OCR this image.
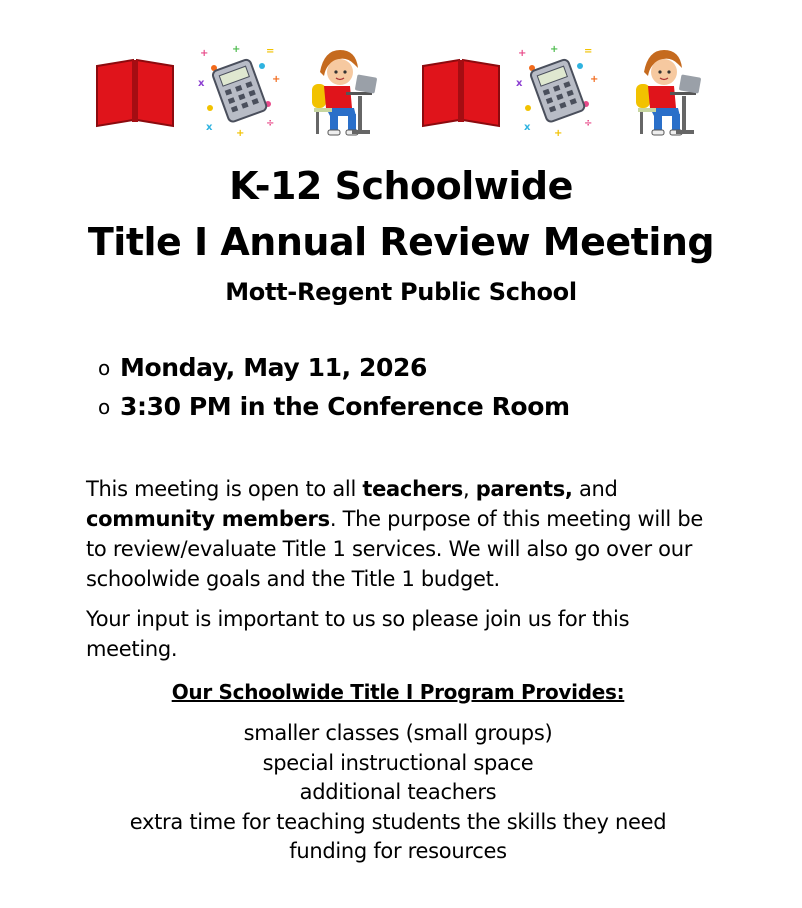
+	=
x	+
x	÷
+
+
+	=
x	+
x	÷
+
+
K-12 Schoolwide
Title I Annual Review Meeting
Mott-Regent Public School
o Monday, May 11, 2026
o 3:30 PM in the Conference Room
This meeting is open to all teachers, parents, and community members. The purpose of this meeting will be to review/evaluate Title 1 services. We will also go over our schoolwide goals and the Title 1 budget.
Your input is important to us so please join us for this meeting.
Our Schoolwide Title I Program Provides:
smaller classes (small groups)
special instructional space
additional teachers
extra time for teaching students the skills they need
funding for resources
